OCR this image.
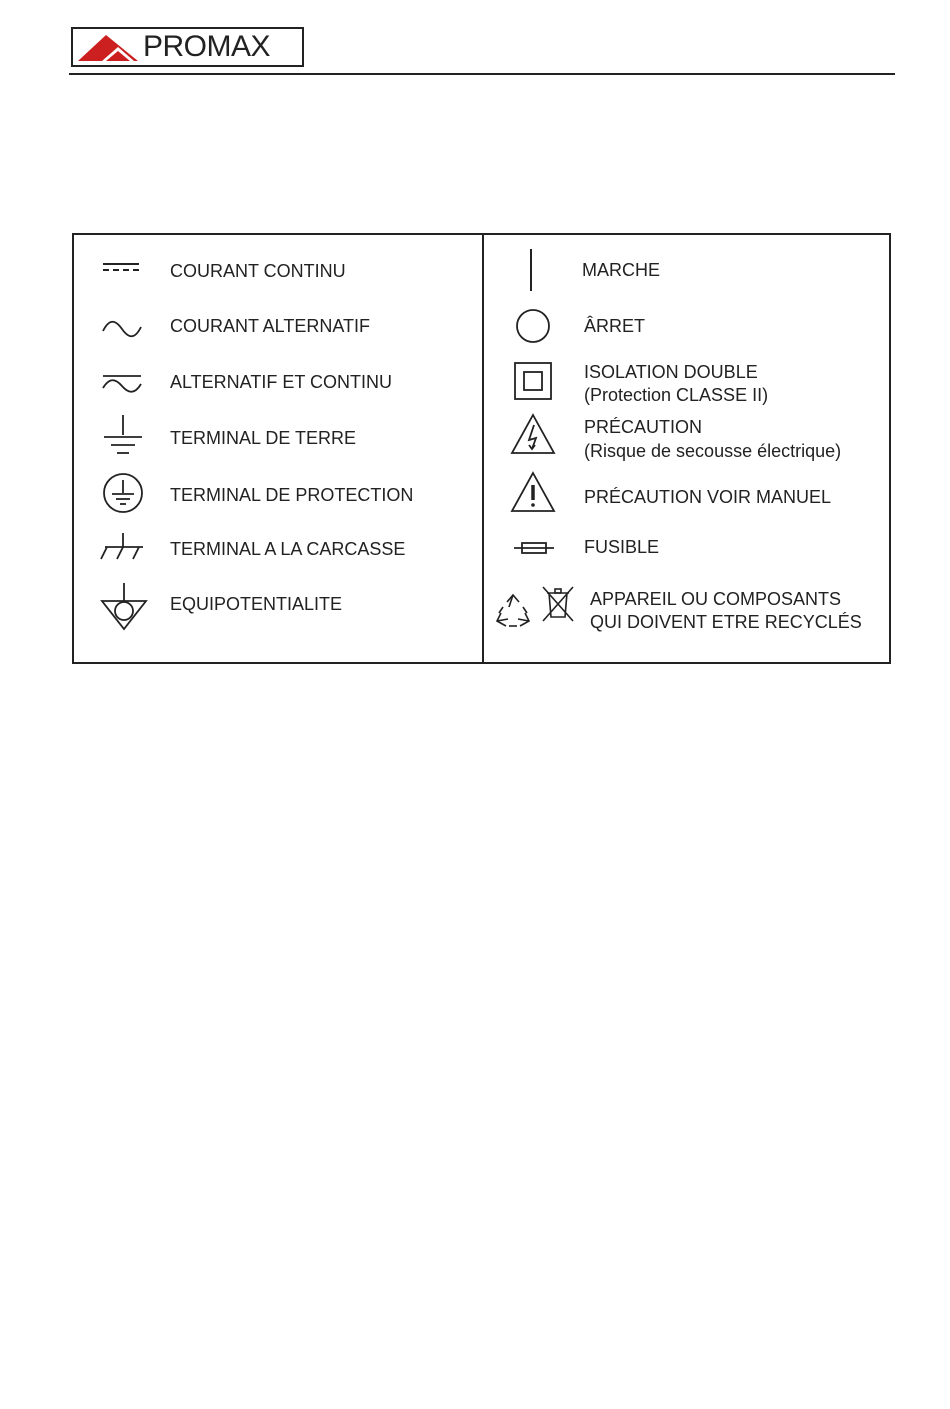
PROMAX
COURANT CONTINU
COURANT ALTERNATIF
ALTERNATIF ET CONTINU
TERMINAL DE TERRE
TERMINAL DE PROTECTION
TERMINAL A LA CARCASSE
EQUIPOTENTIALITE
MARCHE
ÂRRET
ISOLATION DOUBLE
(Protection CLASSE II)
PRÉCAUTION
(Risque de secousse électrique)
PRÉCAUTION VOIR MANUEL
FUSIBLE
APPAREIL OU COMPOSANTS
QUI DOIVENT ETRE RECYCLÉS
